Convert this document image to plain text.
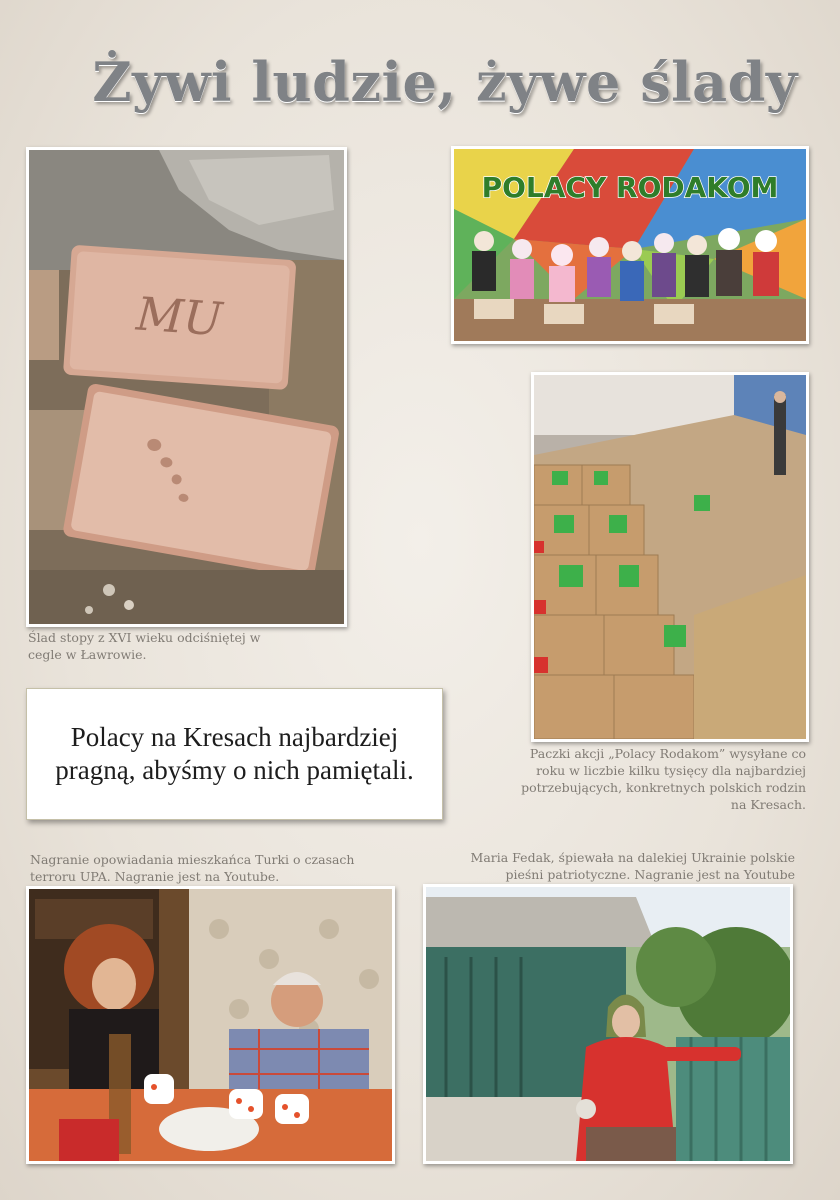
Żywi ludzie, żywe ślady
MU
Ślad stopy z XVI wieku odciśniętej w cegle w Ławrowie.
POLACY RODAKOM
Paczki akcji „Polacy Rodakom” wysyłane co roku w liczbie kilku tysięcy dla najbardziej potrzebujących, konkretnych polskich rodzin na Kresach.
Polacy na Kresach najbardziej pragną, abyśmy o nich pamiętali.
Nagranie opowiadania mieszkańca Turki o czasach terroru UPA. Nagranie jest na Youtube.
Maria Fedak, śpiewała na dalekiej Ukrainie polskie pieśni patriotyczne. Nagranie jest na Youtube
